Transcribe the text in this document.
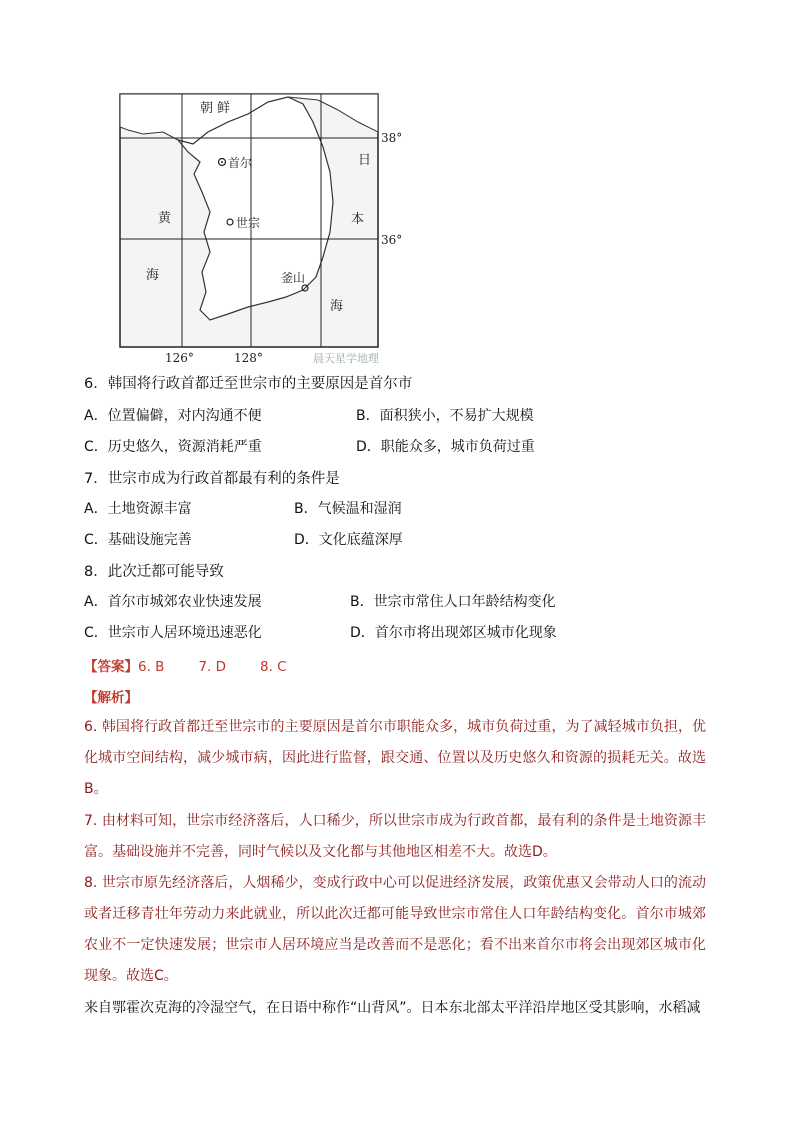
朝 鲜
首尔
世宗
釜山
黄
海
日
本
海
38°
36°
126°	128°	晨天星学地理
6．韩国将行政首都迁至世宗市的主要原因是首尔市
A．位置偏僻，对内沟通不便	B．面积狭小，不易扩大规模
C．历史悠久，资源消耗严重	D．职能众多，城市负荷过重
7．世宗市成为行政首都最有利的条件是
A．土地资源丰富	B．气候温和湿润
C．基础设施完善	D．文化底蕴深厚
8．此次迁都可能导致
A．首尔市城郊农业快速发展	B．世宗市常住人口年龄结构变化
C．世宗市人居环境迅速恶化	D．首尔市将出现郊区城市化现象
【答案】6. B	7. D	8. C
【解析】
6. 韩国将行政首都迁至世宗市的主要原因是首尔市职能众多，城市负荷过重，为了减轻城市负担，优化城市空间结构，减少城市病，因此进行监督，跟交通、位置以及历史悠久和资源的损耗无关。故选B。
7. 由材料可知，世宗市经济落后，人口稀少，所以世宗市成为行政首都，最有利的条件是土地资源丰富。基础设施并不完善，同时气候以及文化都与其他地区相差不大。故选D。
8. 世宗市原先经济落后，人烟稀少，变成行政中心可以促进经济发展，政策优惠又会带动人口的流动或者迁移青壮年劳动力来此就业，所以此次迁都可能导致世宗市常住人口年龄结构变化。首尔市城郊农业不一定快速发展；世宗市人居环境应当是改善而不是恶化；看不出来首尔市将会出现郊区城市化现象。故选C。
来自鄂霍次克海的冷湿空气，在日语中称作“山背风”。日本东北部太平洋沿岸地区受其影响，水稻减
